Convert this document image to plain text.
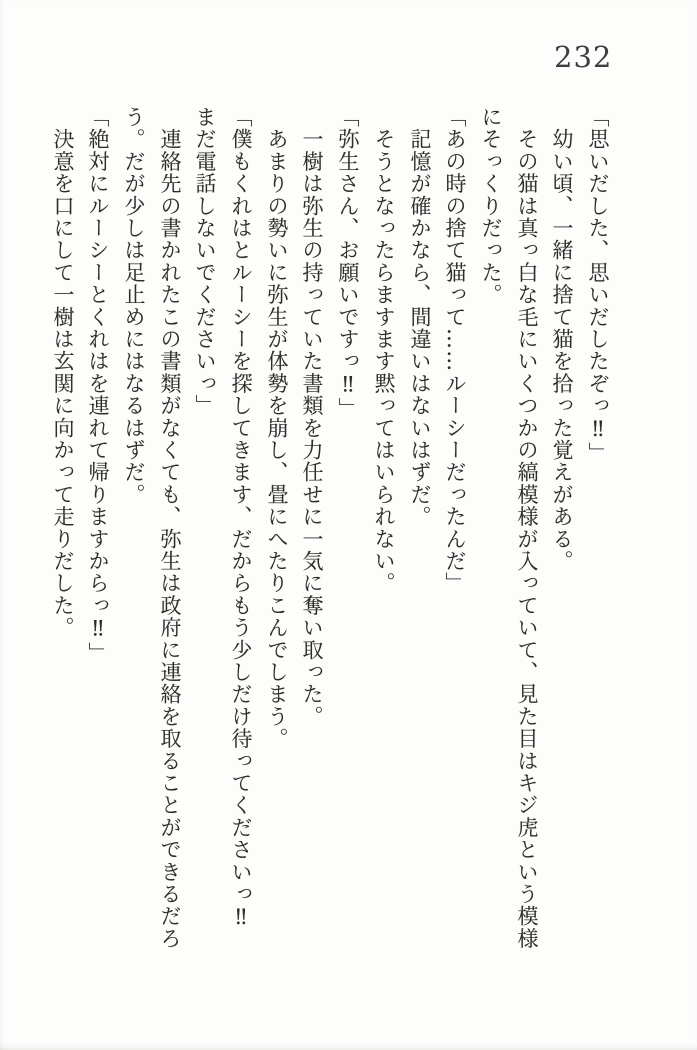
232
「思いだした、思いだしたぞっ‼」
　幼い頃、一緒に捨て猫を拾った覚えがある。
　その猫は真っ白な毛にいくつかの縞模様が入っていて、見た目はキジ虎という模様
にそっくりだった。
「あの時の捨て猫って……ルーシーだったんだ」
　記憶が確かなら、間違いはないはずだ。
　そうとなったらますます黙ってはいられない。
「弥生さん、お願いですっ‼」
　一樹は弥生の持っていた書類を力任せに一気に奪い取った。
　あまりの勢いに弥生が体勢を崩し、畳にへたりこんでしまう。
「僕もくれはとルーシーを探してきます、だからもう少しだけ待ってくださいっ‼
まだ電話しないでくださいっ」
　連絡先の書かれたこの書類がなくても、弥生は政府に連絡を取ることができるだろ
う。だが少しは足止めにはなるはずだ。
「絶対にルーシーとくれはを連れて帰りますからっ‼」
　決意を口にして一樹は玄関に向かって走りだした。
